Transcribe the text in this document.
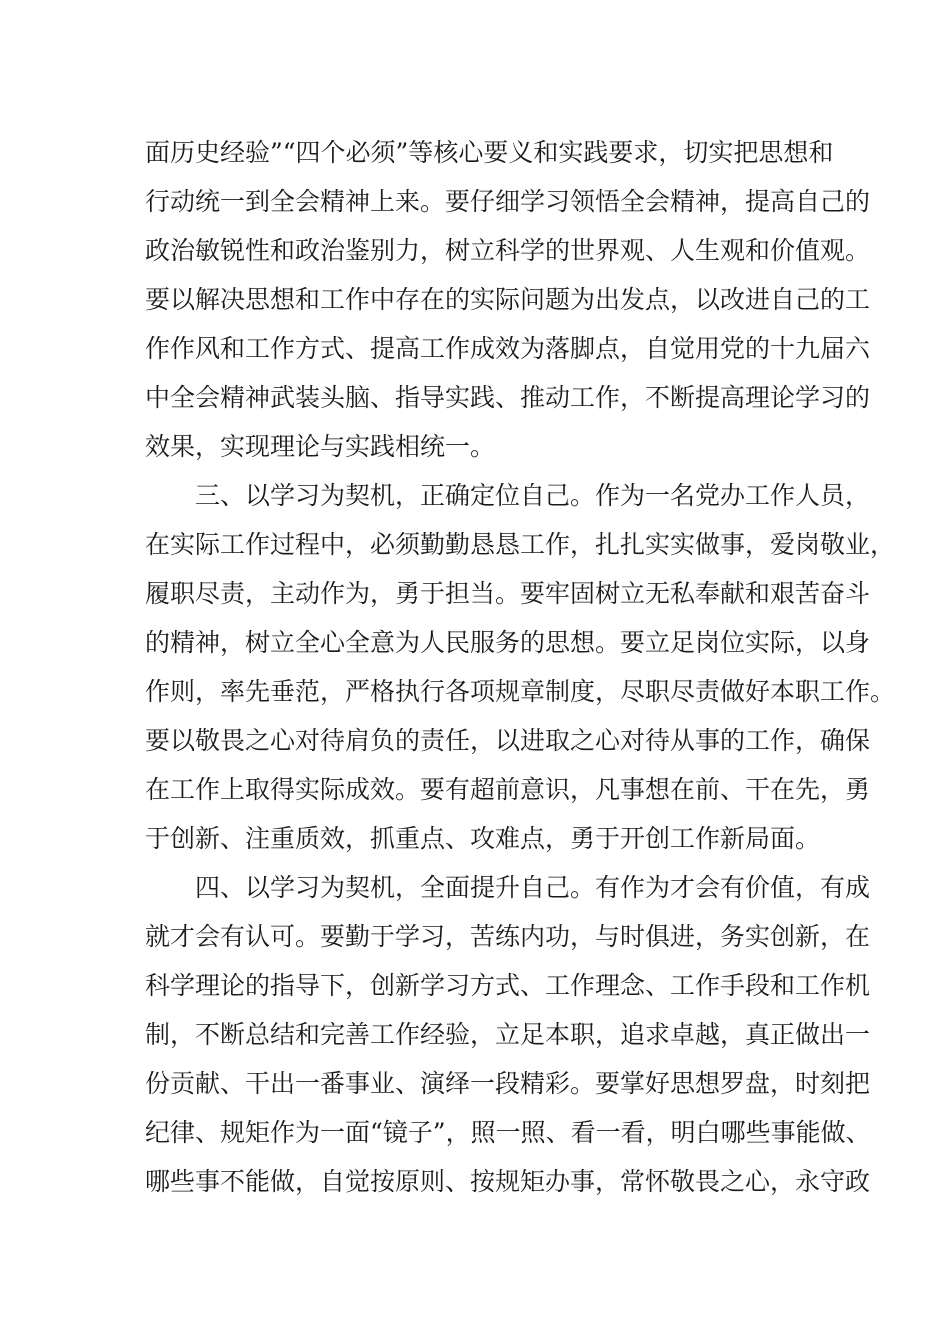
面历史经验”“四个必须”等核心要义和实践要求，切实把思想和

行动统一到全会精神上来。要仔细学习领悟全会精神，提高自己的

政治敏锐性和政治鉴别力，树立科学的世界观、人生观和价值观。

要以解决思想和工作中存在的实际问题为出发点，以改进自己的工

作作风和工作方式、提高工作成效为落脚点，自觉用党的十九届六

中全会精神武装头脑、指导实践、推动工作，不断提高理论学习的

效果，实现理论与实践相统一。

三、以学习为契机，正确定位自己。作为一名党办工作人员，

在实际工作过程中，必须勤勤恳恳工作，扎扎实实做事，爱岗敬业，

履职尽责，主动作为，勇于担当。要牢固树立无私奉献和艰苦奋斗

的精神，树立全心全意为人民服务的思想。要立足岗位实际，以身

作则，率先垂范，严格执行各项规章制度，尽职尽责做好本职工作。

要以敬畏之心对待肩负的责任，以进取之心对待从事的工作，确保

在工作上取得实际成效。要有超前意识，凡事想在前、干在先，勇

于创新、注重质效，抓重点、攻难点，勇于开创工作新局面。

四、以学习为契机，全面提升自己。有作为才会有价值，有成

就才会有认可。要勤于学习，苦练内功，与时俱进，务实创新，在

科学理论的指导下，创新学习方式、工作理念、工作手段和工作机

制，不断总结和完善工作经验，立足本职，追求卓越，真正做出一

份贡献、干出一番事业、演绎一段精彩。要掌好思想罗盘，时刻把

纪律、规矩作为一面“镜子”，照一照、看一看，明白哪些事能做、

哪些事不能做，自觉按原则、按规矩办事，常怀敬畏之心，永守政
